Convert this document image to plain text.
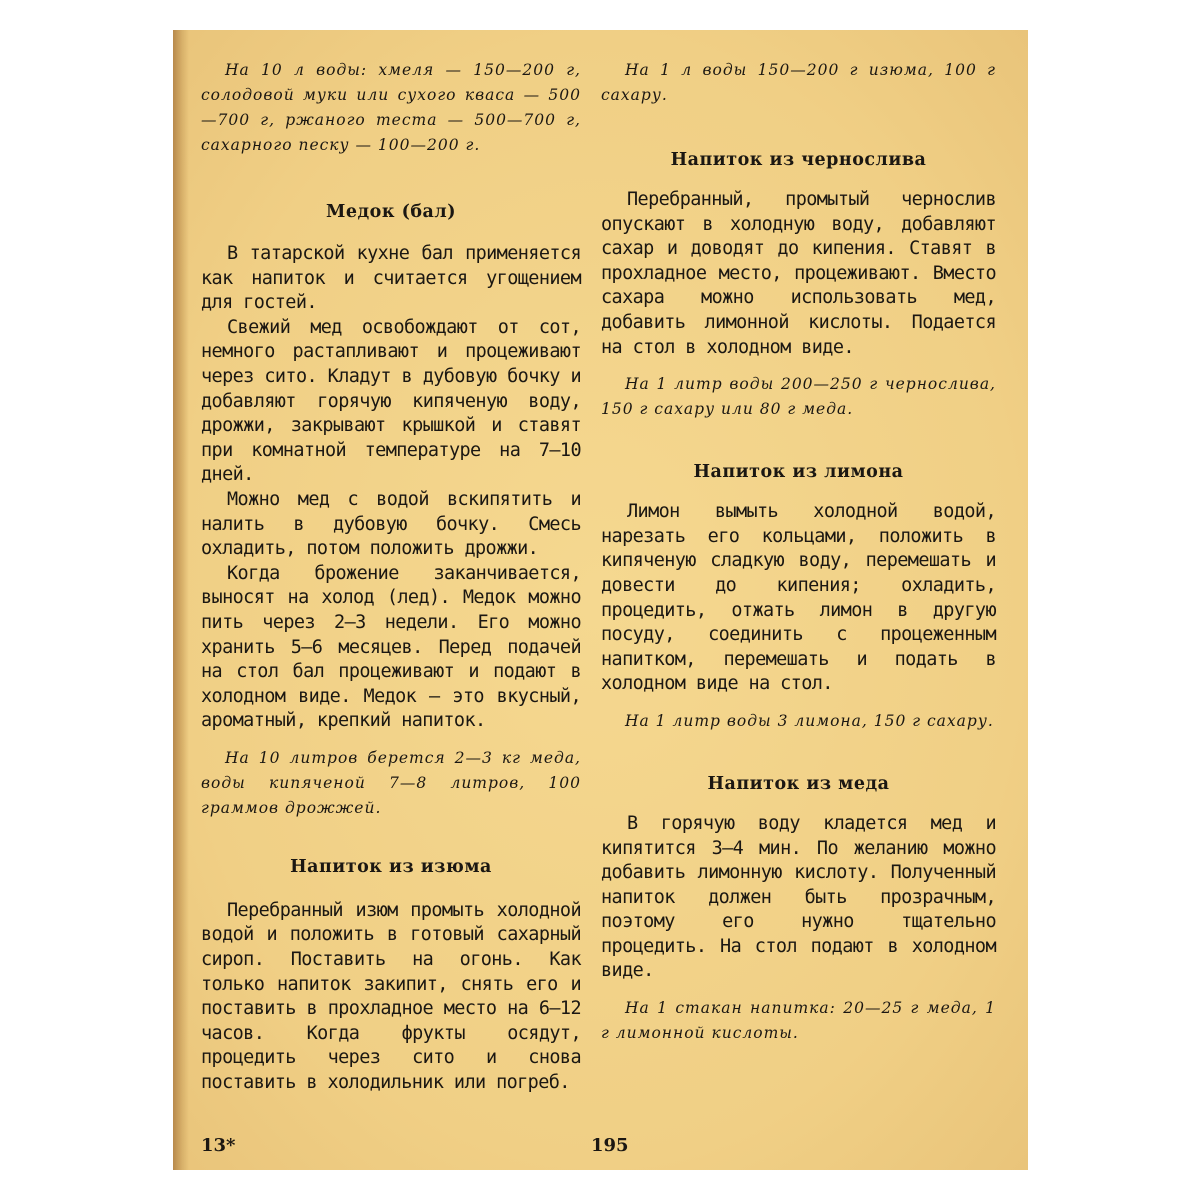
На 10 л воды: хмеля — 150—200 г, солодовой муки или сухого кваса — 500—700 г, ржаного теста — 500—700 г, сахарного песку — 100—200 г.

Медок (бал)

В татарской кухне бал применяется как напиток и считается угощением для гостей.

Свежий мед освобождают от сот, немного растапливают и процеживают через сито. Кладут в дубовую бочку и добавляют горячую кипяченую воду, дрожжи, закрывают крышкой и ставят при комнатной температуре на 7—10 дней.

Можно мед с водой вскипятить и налить в дубовую бочку. Смесь охладить, потом положить дрожжи.

Когда брожение заканчивается, выносят на холод (лед). Медок можно пить через 2—3 недели. Его можно хранить 5—6 месяцев. Перед подачей на стол бал процеживают и подают в холодном виде. Медок — это вкусный, ароматный, крепкий напиток.

На 10 литров берется 2—3 кг меда, воды кипяченой 7—8 литров, 100 граммов дрожжей.

Напиток из изюма

Перебранный изюм промыть холодной водой и положить в готовый сахарный сироп. Поставить на огонь. Как только напиток закипит, снять его и поставить в прохладное место на 6—12 часов. Когда фрукты осядут, процедить через сито и снова поставить в холодильник или погреб.

На 1 л воды 150—200 г изюма, 100 г сахару.

Напиток из чернослива

Перебранный, промытый чернослив опускают в холодную воду, добавляют сахар и доводят до кипения. Ставят в прохладное место, процеживают. Вместо сахара можно использовать мед, добавить лимонной кислоты. Подается на стол в холодном виде.

На 1 литр воды 200—250 г чернослива, 150 г сахару или 80 г меда.

Напиток из лимона

Лимон вымыть холодной водой, нарезать его кольцами, положить в кипяченую сладкую воду, перемешать и довести до кипения; охладить, процедить, отжать лимон в другую посуду, соединить с процеженным напитком, перемешать и подать в холодном виде на стол.

На 1 литр воды 3 лимона, 150 г сахару.

Напиток из меда

В горячую воду кладется мед и кипятится 3—4 мин. По желанию можно добавить лимонную кислоту. Полученный напиток должен быть прозрачным, поэтому его нужно тщательно процедить. На стол подают в холодном виде.

На 1 стакан напитка: 20—25 г меда, 1 г лимонной кислоты.

13*	195
